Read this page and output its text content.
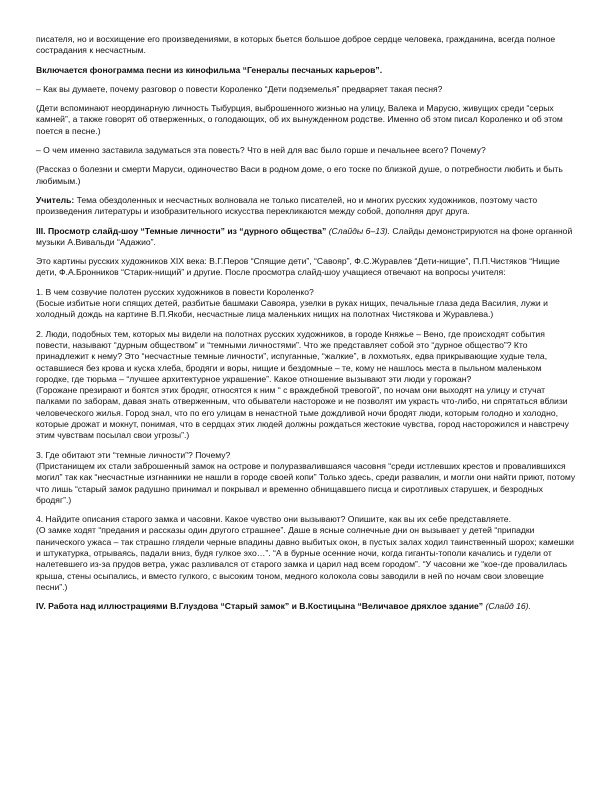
писателя, но и восхищение его произведениями, в которых бьется большое доброе сердце человека, гражданина, всегда полное сострадания к несчастным.

Включается фонограмма песни из кинофильма “Генералы песчаных карьеров”.

– Как вы думаете, почему разговор о повести Короленко “Дети подземелья” предваряет такая песня?

(Дети вспоминают неординарную личность Тыбурция, выброшенного жизнью на улицу, Валека и Марусю, живущих среди “серых камней”, а также говорят об отверженных, о голодающих, об их вынужденном родстве. Именно об этом писал Короленко и об этом поется в песне.)

– О чем именно заставила задуматься эта повесть? Что в ней для вас было горше и печальнее всего? Почему?

(Рассказ о болезни и смерти Маруси, одиночество Васи в родном доме, о его тоске по близкой душе, о потребности любить и быть любимым.)

Учитель: Тема обездоленных и несчастных волновала не только писателей, но и многих русских художников, поэтому часто произведения литературы и изобразительного искусства перекликаются между собой, дополняя друг друга.

III. Просмотр слайд-шоу “Темные личности” из “дурного общества” (Слайды 6–13). Слайды демонстрируются на фоне органной музыки А.Вивальди “Адажио”.

Это картины русских художников XIX века: В.Г.Перов “Спящие дети”, “Савояр”, Ф.С.Журавлев “Дети-нищие”, П.П.Чистяков “Нищие дети, Ф.А.Бронников “Старик-нищий” и другие. После просмотра слайд-шоу учащиеся отвечают на вопросы учителя:

1. В чем созвучие полотен русских художников в повести Короленко?
(Босые избитые ноги спящих детей, разбитые башмаки Савояра, узелки в руках нищих, печальные глаза деда Василия, лужи и холодный дождь на картине В.П.Якоби, несчастные лица маленьких нищих на полотнах Чистякова и Журавлева.)

2. Люди, подобных тем, которых мы видели на полотнах русских художников, в городе Княжье – Вено, где происходят события повести, называют “дурным обществом” и “темными личностями”. Что же представляет собой это “дурное общество”? Кто принадлежит к нему? Это “несчастные темные личности”, испуганные, “жалкие”, в лохмотьях, едва прикрывающие худые тела, оставшиеся без крова и куска хлеба, бродяги и воры, нищие и бездомные – те, кому не нашлось места в пыльном маленьком городке, где тюрьма – “лучшее архитектурное украшение”. Какое отношение вызывают эти люди у горожан?
(Горожане презирают и боятся этих бродяг, относятся к ним “ с враждебной тревогой”, по ночам они выходят на улицу и стучат палками по заборам, давая знать отверженным, что обыватели настороже и не позволят им украсть что-либо, ни спрятаться вблизи человеческого жилья. Город знал, что по его улицам в ненастной тьме дождливой ночи бродят люди, которым голодно и холодно, которые дрожат и мокнут, понимая, что в сердцах этих людей должны рождаться жестокие чувства, город насторожился и навстречу этим чувствам посылал свои угрозы”.)

3. Где обитают эти “темные личности”? Почему?
(Пристанищем их стали заброшенный замок на острове и полуразвалившаяся часовня “среди истлевших крестов и провалившихся могил” так как “несчастные изгнанники не нашли в городе своей копи” Только здесь, среди развалин, и могли они найти приют, потому что лишь “старый замок радушно принимал и покрывал и временно обнищавшего писца и сиротливых старушек, и безродных бродяг”.)

4. Найдите описания старого замка и часовни. Какое чувство они вызывают? Опишите, как вы их себе представляете.
(О замке ходят “предания и рассказы один другого страшнее”. Даше в ясные солнечные дни он вызывает у детей “припадки панического ужаса – так страшно глядели черные впадины давно выбитых окон, в пустых залах ходил таинственный шорох; камешки и штукатурка, отрываясь, падали вниз, будя гулкое эхо…”. “А в бурные осенние ночи, когда гиганты-тополи качались и гудели от налетевшего из-за прудов ветра, ужас разливался от старого замка и царил над всем городом”. “У часовни же “кое-где провалилась крыша, стены осыпались, и вместо гулкого, с высоким тоном, медного колокола совы заводили в ней по ночам свои зловещие песни”.)

IV. Работа над иллюстрациями В.Глуздова “Старый замок” и В.Костицына “Величавое дряхлое здание” (Слайд 16).
